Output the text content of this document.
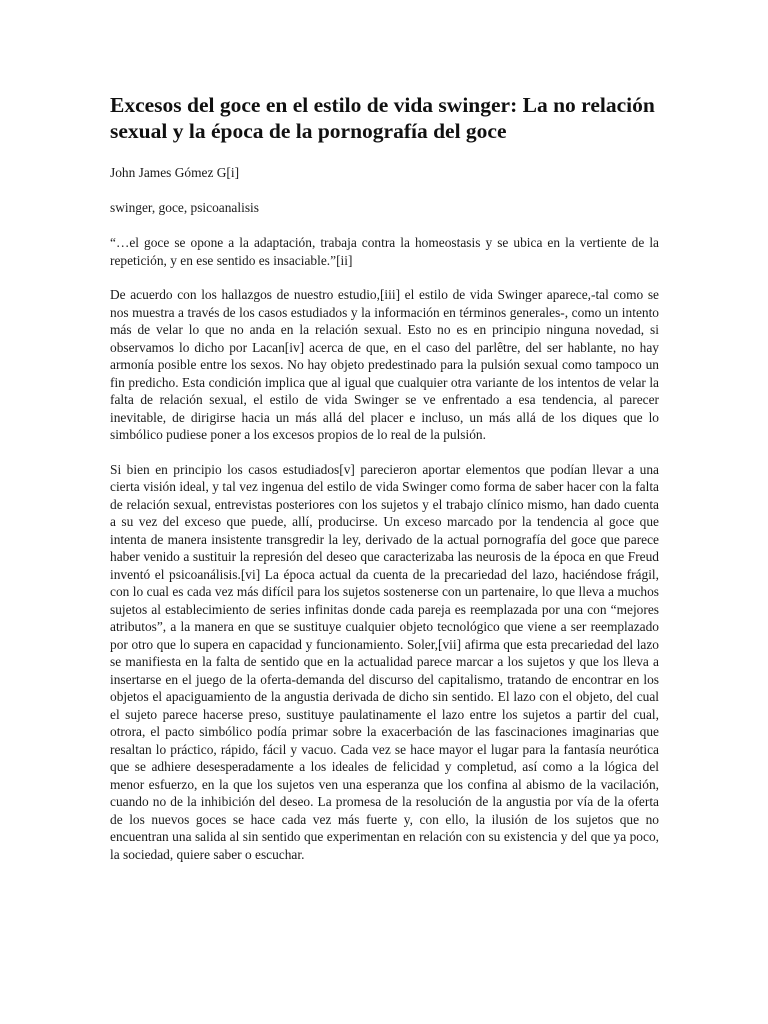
Excesos del goce en el estilo de vida swinger: La no relación sexual y la época de la pornografía del goce

John James Gómez G[i]

swinger, goce, psicoanalisis

“…el goce se opone a la adaptación, trabaja contra la homeostasis y se ubica en la vertiente de la repetición, y en ese sentido es insaciable.”[ii]

De acuerdo con los hallazgos de nuestro estudio,[iii] el estilo de vida Swinger aparece,-tal como se nos muestra a través de los casos estudiados y la información en términos generales-, como un intento más de velar lo que no anda en la relación sexual. Esto no es en principio ninguna novedad, si observamos lo dicho por Lacan[iv] acerca de que, en el caso del parlêtre, del ser hablante, no hay armonía posible entre los sexos. No hay objeto predestinado para la pulsión sexual como tampoco un fin predicho. Esta condición implica que al igual que cualquier otra variante de los intentos de velar la falta de relación sexual, el estilo de vida Swinger se ve enfrentado a esa tendencia, al parecer inevitable, de dirigirse hacia un más allá del placer e incluso, un más allá de los diques que lo simbólico pudiese poner a los excesos propios de lo real de la pulsión.

Si bien en principio los casos estudiados[v] parecieron aportar elementos que podían llevar a una cierta visión ideal, y tal vez ingenua del estilo de vida Swinger como forma de saber hacer con la falta de relación sexual, entrevistas posteriores con los sujetos y el trabajo clínico mismo, han dado cuenta a su vez del exceso que puede, allí, producirse. Un exceso marcado por la tendencia al goce que intenta de manera insistente transgredir la ley, derivado de la actual pornografía del goce que parece haber venido a sustituir la represión del deseo que caracterizaba las neurosis de la época en que Freud inventó el psicoanálisis.[vi] La época actual da cuenta de la precariedad del lazo, haciéndose frágil, con lo cual es cada vez más difícil para los sujetos sostenerse con un partenaire, lo que lleva a muchos sujetos al establecimiento de series infinitas donde cada pareja es reemplazada por una con “mejores atributos”, a la manera en que se sustituye cualquier objeto tecnológico que viene a ser reemplazado por otro que lo supera en capacidad y funcionamiento. Soler,[vii] afirma que esta precariedad del lazo se manifiesta en la falta de sentido que en la actualidad parece marcar a los sujetos y que los lleva a insertarse en el juego de la oferta-demanda del discurso del capitalismo, tratando de encontrar en los objetos el apaciguamiento de la angustia derivada de dicho sin sentido. El lazo con el objeto, del cual el sujeto parece hacerse preso, sustituye paulatinamente el lazo entre los sujetos a partir del cual, otrora, el pacto simbólico podía primar sobre la exacerbación de las fascinaciones imaginarias que resaltan lo práctico, rápido, fácil y vacuo. Cada vez se hace mayor el lugar para la fantasía neurótica que se adhiere desesperadamente a los ideales de felicidad y completud, así como a la lógica del menor esfuerzo, en la que los sujetos ven una esperanza que los confina al abismo de la vacilación, cuando no de la inhibición del deseo. La promesa de la resolución de la angustia por vía de la oferta de los nuevos goces se hace cada vez más fuerte y, con ello, la ilusión de los sujetos que no encuentran una salida al sin sentido que experimentan en relación con su existencia y del que ya poco, la sociedad, quiere saber o escuchar.
